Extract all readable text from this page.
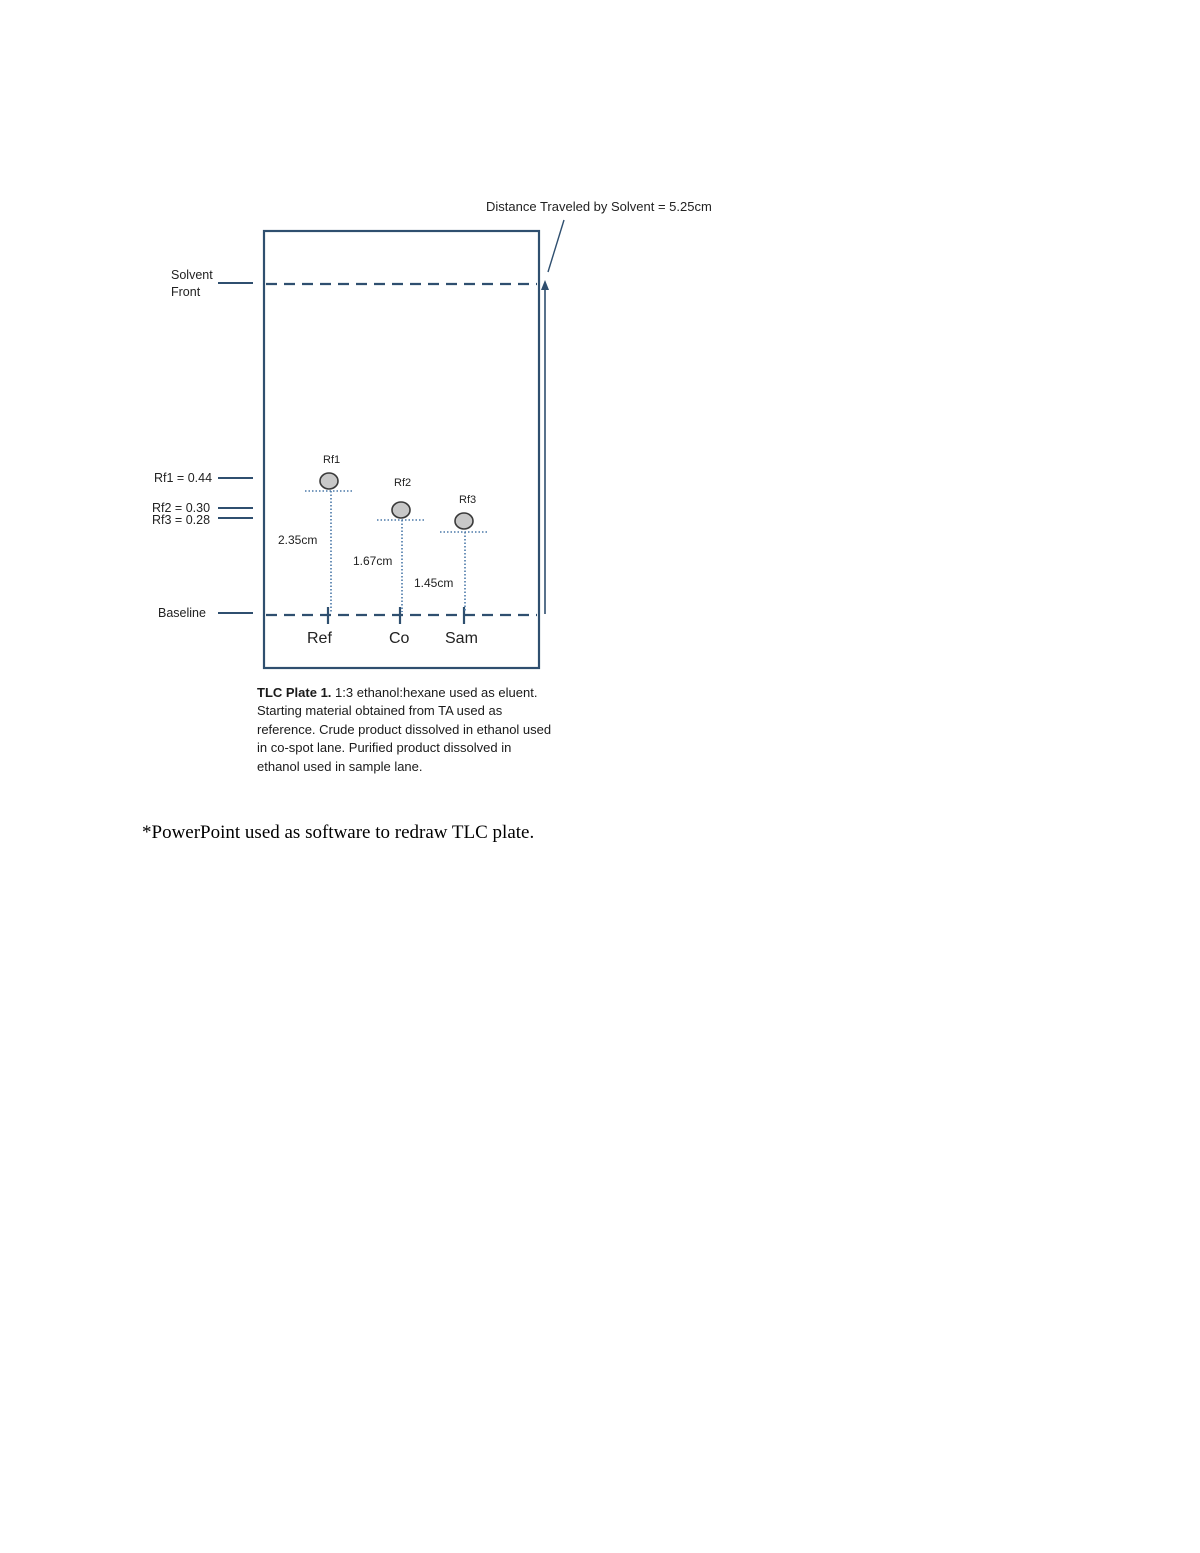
Distance Traveled by Solvent = 5.25cm
Solvent
Front
Rf1 = 0.44
Rf2 = 0.30
Rf3 = 0.28
Baseline
Rf1
Rf2
Rf3
2.35cm
1.67cm
1.45cm
Ref	Co Sam
TLC Plate 1. 1:3 ethanol:hexane used as eluent. Starting material obtained from TA used as reference. Crude product dissolved in ethanol used in co-spot lane. Purified product dissolved in ethanol used in sample lane.
*PowerPoint used as software to redraw TLC plate.
